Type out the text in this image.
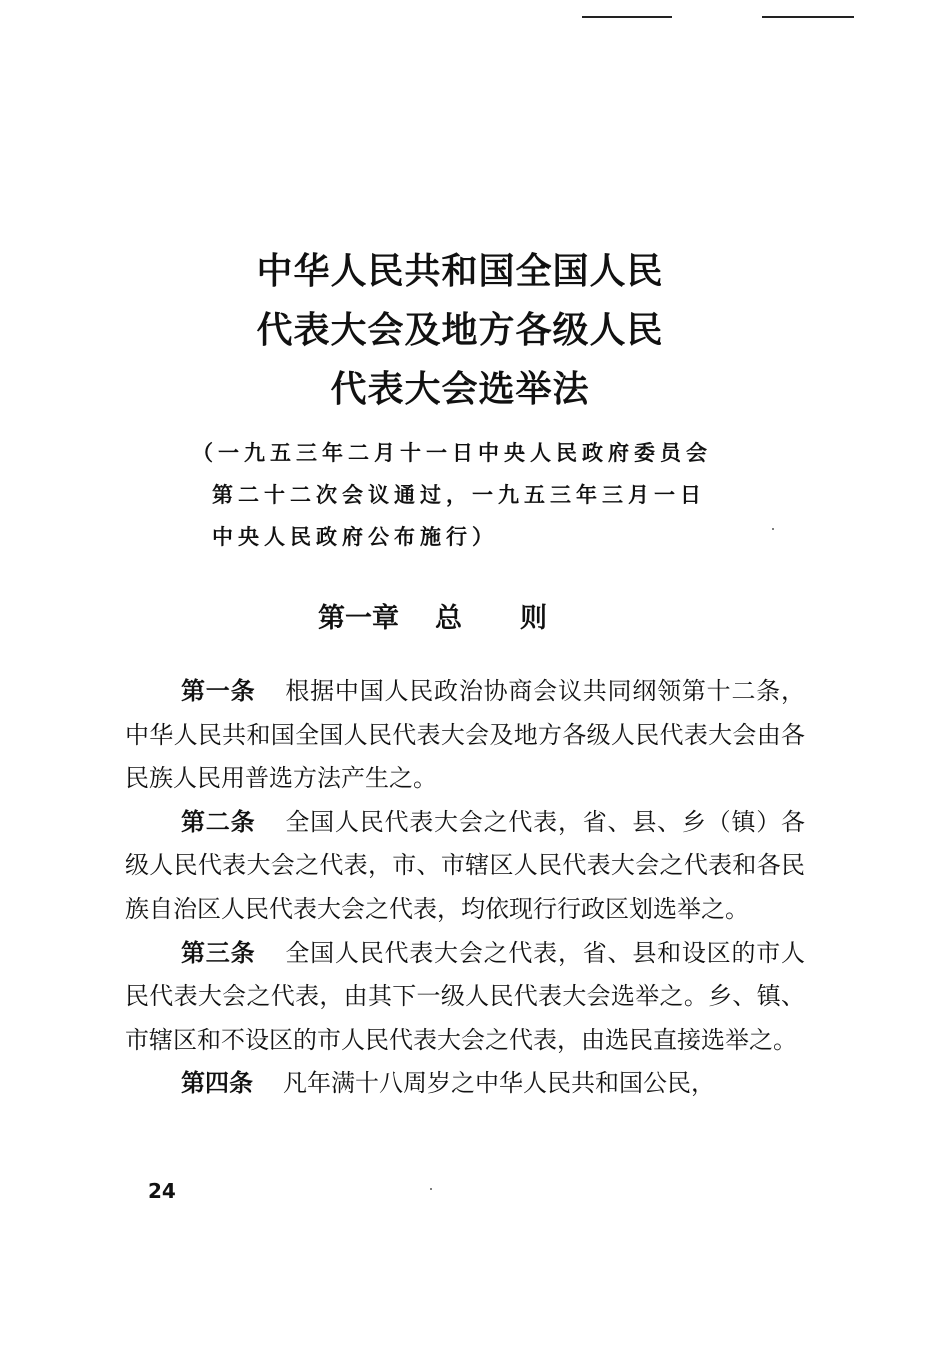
中华人民共和国全国人民
代表大会及地方各级人民
代表大会选举法
（一九五三年二月十一日中央人民政府委员会
第二十二次会议通过，一九五三年三月一日
中央人民政府公布施行）
第一章 总 则

第一条 根据中国人民政治协商会议共同纲领第十二条，中华人民共和国全国人民代表大会及地方各级人民代表大会由各民族人民用普选方法产生之。

第二条 全国人民代表大会之代表，省、县、乡（镇）各级人民代表大会之代表，市、市辖区人民代表大会之代表和各民族自治区人民代表大会之代表，均依现行行政区划选举之。

第三条 全国人民代表大会之代表，省、县和设区的市人民代表大会之代表，由其下一级人民代表大会选举之。乡、镇、市辖区和不设区的市人民代表大会之代表，由选民直接选举之。

第四条 凡年满十八周岁之中华人民共和国公民，

24
